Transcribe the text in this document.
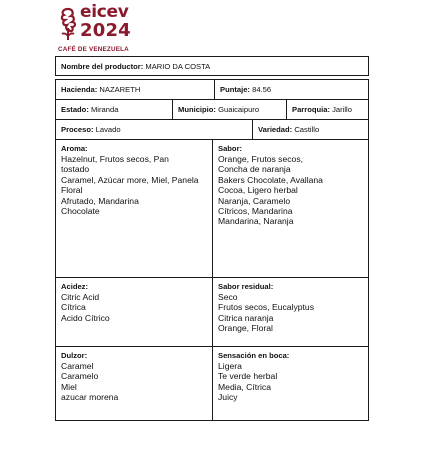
eicev
2024
CAFÉ DE VENEZUELA
Nombre del productor: MARIO DA COSTA
Hacienda: NAZARETH	Puntaje: 84.56
Estado: Miranda	Municipio: Guaicaipuro	Parroquia: Jarillo
Proceso: Lavado	Variedad: Castillo
Aroma:
Hazelnut, Frutos secos, Pan
tostado
Caramel, Azúcar more, Miel, Panela
Floral
Afrutado, Mandarina
Chocolate
Sabor:
Orange, Frutos secos,
Concha de naranja
Bakers Chocolate, Avallana
Cocoa, Ligero herbal
Naranja, Caramelo
Cítricos, Mandarina
Mandarina, Naranja
Acidez:
Citric Acid
Cítrica
Acido Cítrico
Sabor residual:
Seco
Frutos secos, Eucalyptus
Citrica naranja
Orange, Floral
Dulzor:
Caramel
Caramelo
Miel
azucar morena
Sensación en boca:
Ligera
Te verde herbal
Media, Cítrica
Juicy
